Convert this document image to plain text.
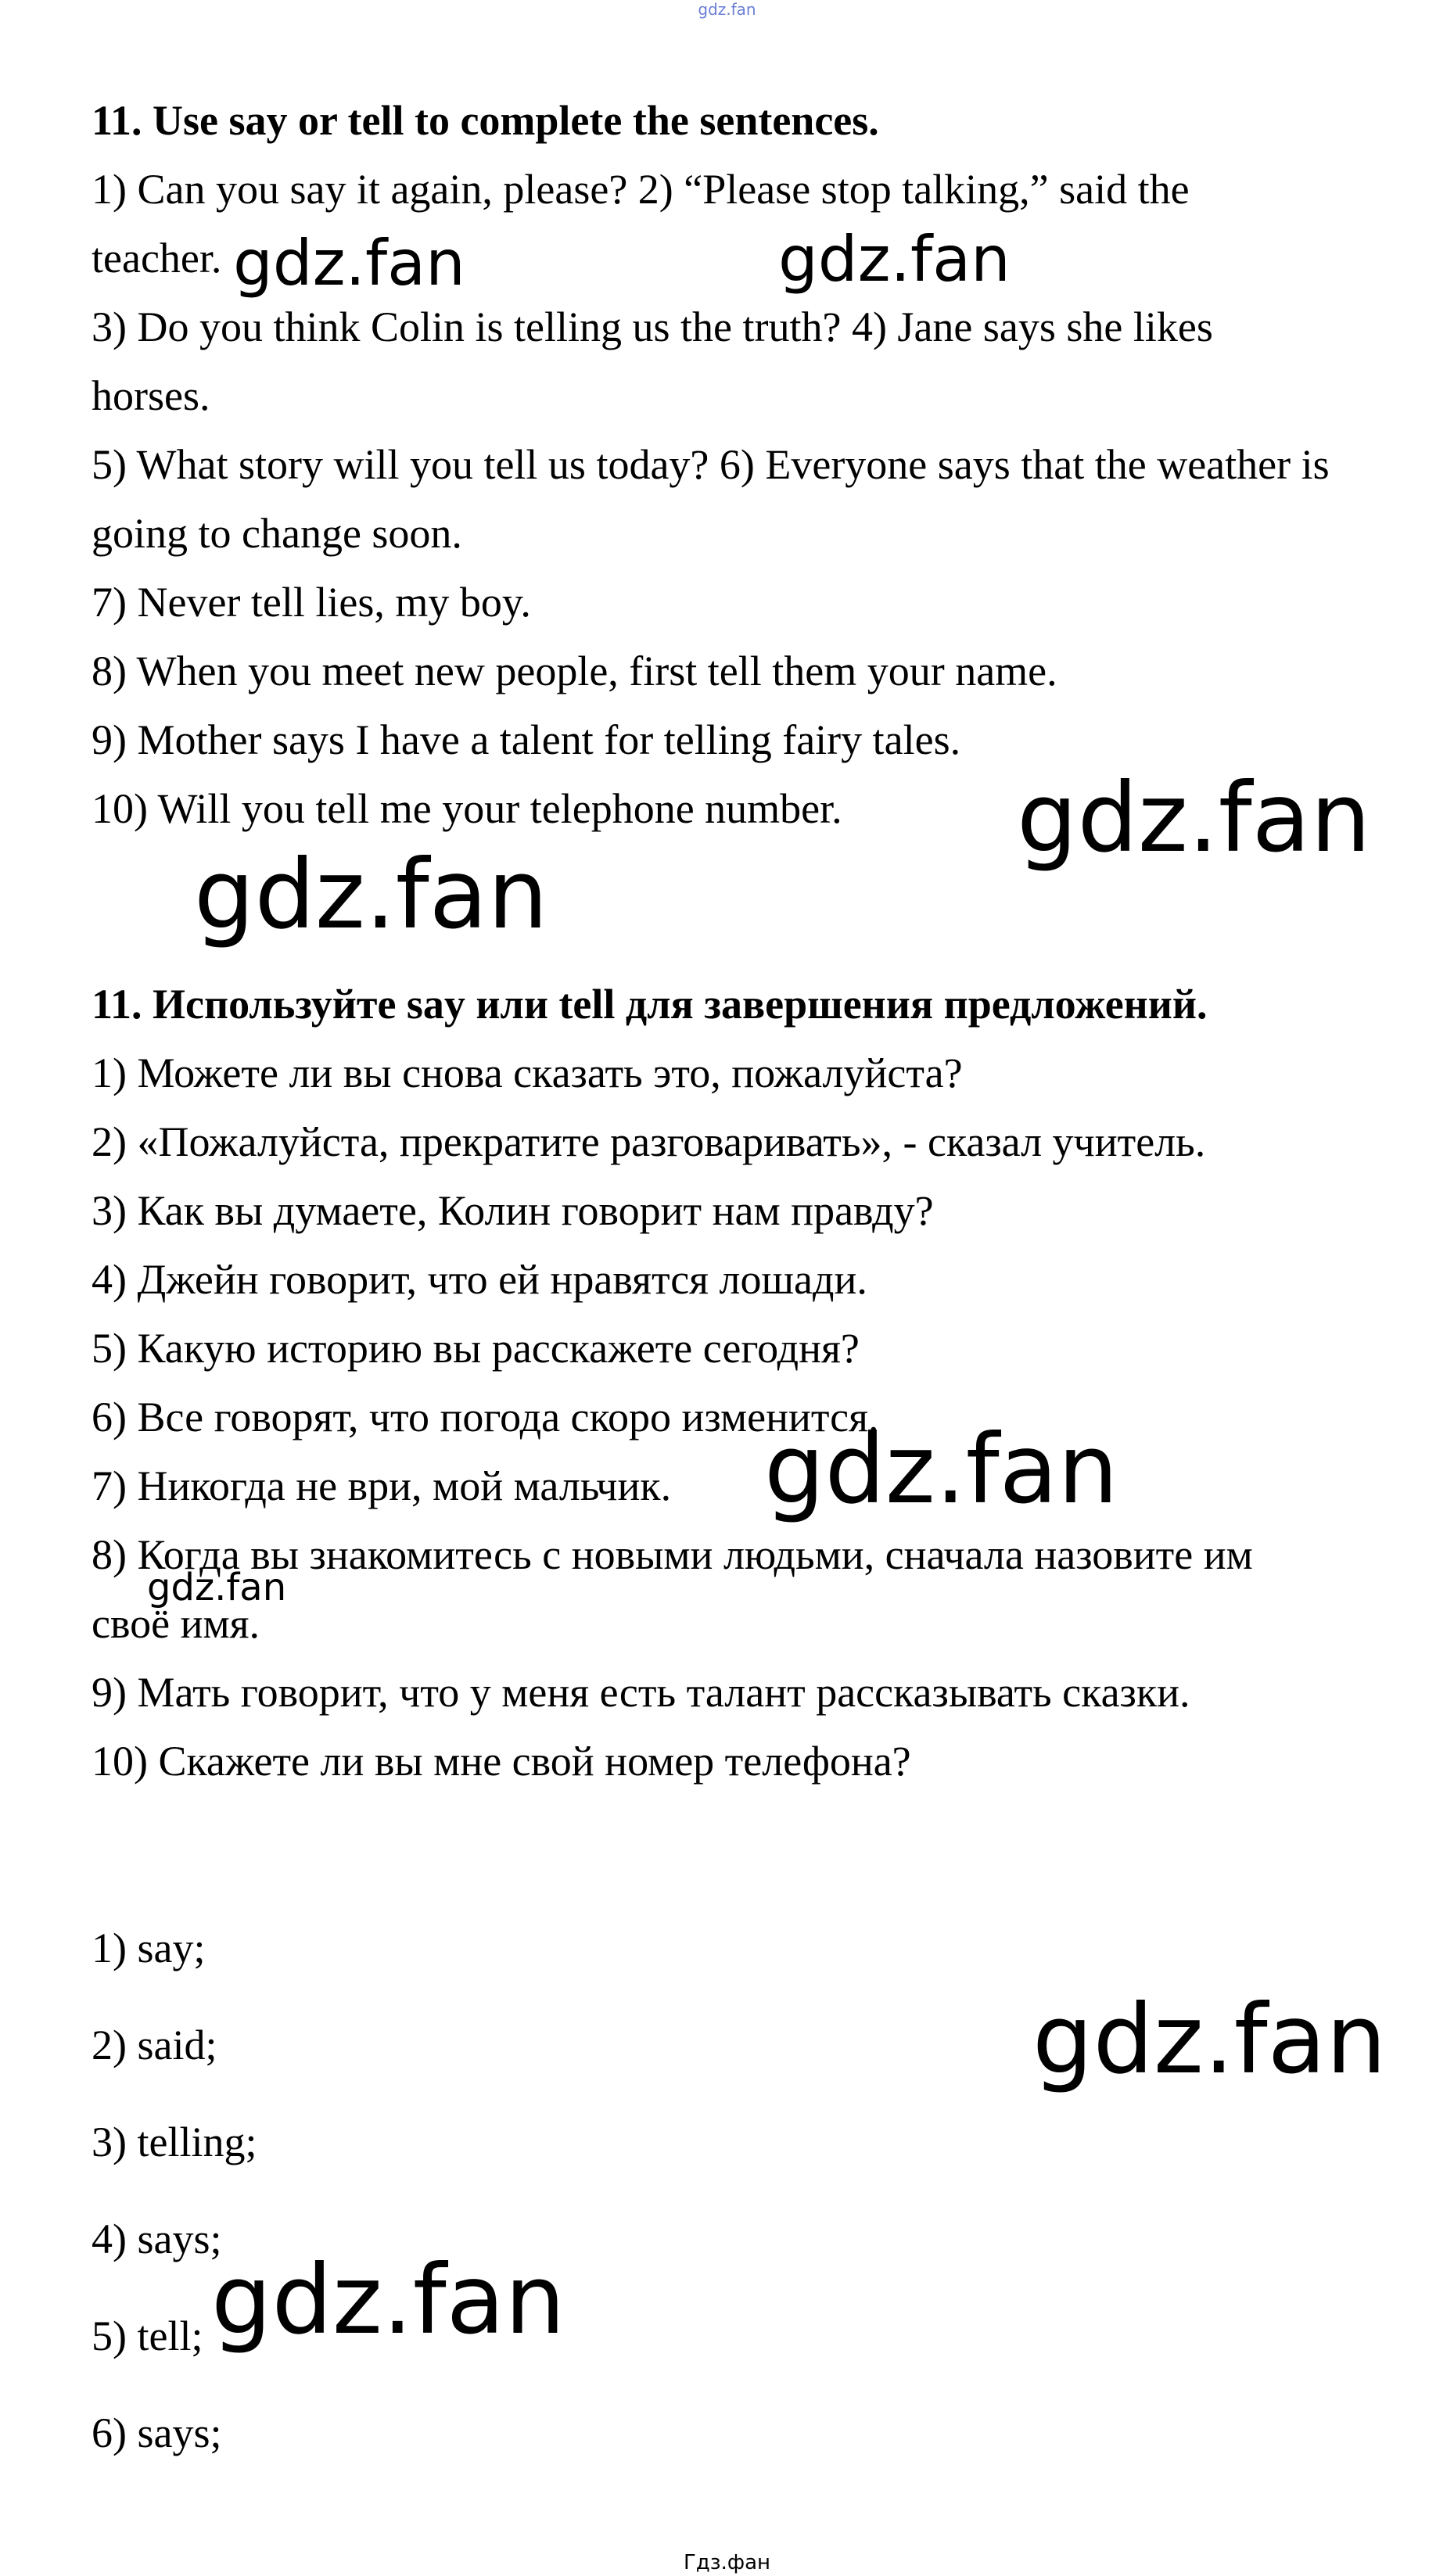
gdz.fan
11. Use say or tell to complete the sentences.
1) Can you say it again, please? 2) “Please stop talking,” said the
teacher.
3) Do you think Colin is telling us the truth? 4) Jane says she likes
horses.
5) What story will you tell us today? 6) Everyone says that the weather is
going to change soon.
7) Never tell lies, my boy.
8) When you meet new people, first tell them your name.
9) Mother says I have a talent for telling fairy tales.
10) Will you tell me your telephone number.
11. Используйте say или tell для завершения предложений.
1) Можете ли вы снова сказать это, пожалуйста?
2) «Пожалуйста, прекратите разговаривать», - сказал учитель.
3) Как вы думаете, Колин говорит нам правду?
4) Джейн говорит, что ей нравятся лошади.
5) Какую историю вы расскажете сегодня?
6) Все говорят, что погода скоро изменится.
7) Никогда не ври, мой мальчик.
8) Когда вы знакомитесь с новыми людьми, сначала назовите им
своё имя.
9) Мать говорит, что у меня есть талант рассказывать сказки.
10) Скажете ли вы мне свой номер телефона?
1) say;
2) said;
3) telling;
4) says;
5) tell;
6) says;
gdz.fan	gdz.fan
gdz.fan
gdz.fan
gdz.fan
gdz.fan
gdz.fan
gdz.fan
Гдз.фан
